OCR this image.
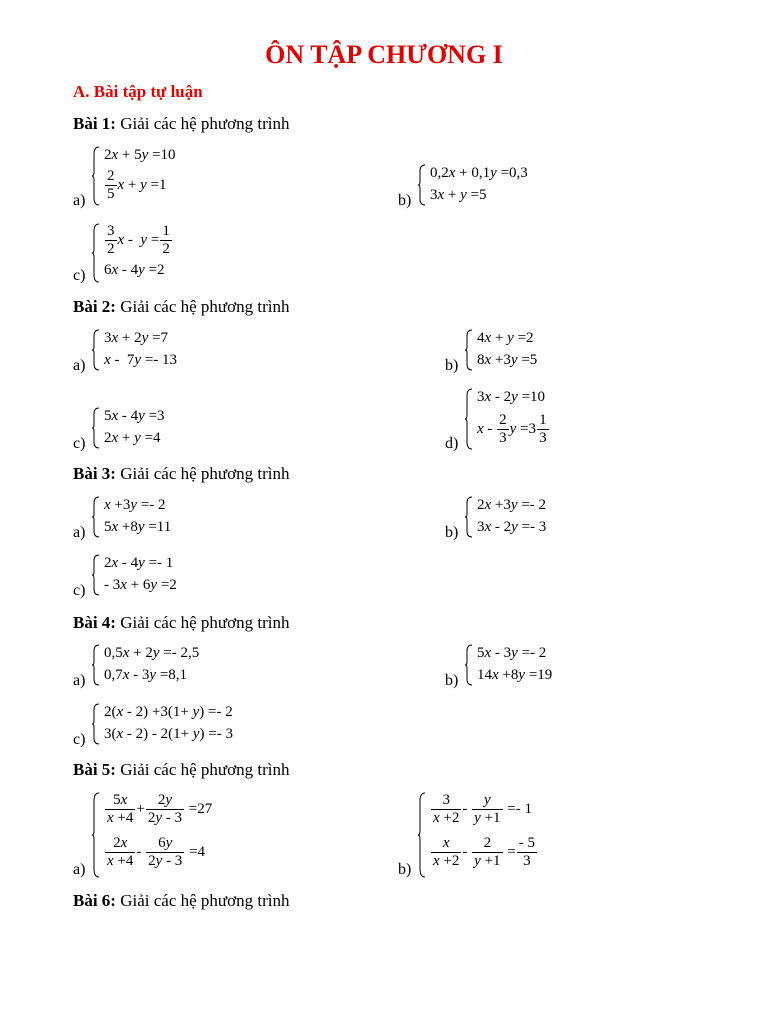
ÔN TẬP CHƯƠNG I
A. Bài tập tự luận
Bài 1: Giải các hệ phương trình
a)
2x + 5y =10
$\frac{2}{5}$ x + y =1
b)
0,2x + 0,1y =0,3
3x + y =5
c)
$\frac{3}{2}$ $x - y = \frac{1}{2}$
6x - 4y =2
Bài 2: Giải các hệ phương trình
a)
3x + 2y =7
x -  7y =- 13	b)
4x + y =2
8x +3y =5
c)
5x - 4y =3
2x + y =4	d)
3x - 2y =10
x - $\frac{2}{3}$ $y =3 \frac{1}{3}$
Bài 3: Giải các hệ phương trình
a)
x +3y =- 2
5x +8y =11	b)
2x +3y =- 2
3x - 2y =- 3
c)
2x - 4y =- 1
- 3x + 6y =2
Bài 4: Giải các hệ phương trình
a)
0,5x + 2y =- 2,5
0,7x - 3y =8,1	b)
5x - 3y =- 2
14x +8y =19
c)
2(x - 2) +3(1+ y) =- 2
3(x - 2) - 2(1+ y) =- 3
Bài 5: Giải các hệ phương trình
a)
$\frac{5x}{x +4} + \frac{2y}{2y - 3} =27$
$\frac{2x}{x +4} - \frac{6y}{2y - 3} =4$
b)
$\frac{3}{x +2} - \frac{y}{y +1} =- 1$
$\frac{x}{x +2} - \frac{2}{y +1} = \frac{- 5}{3}$
Bài 6: Giải các hệ phương trình
